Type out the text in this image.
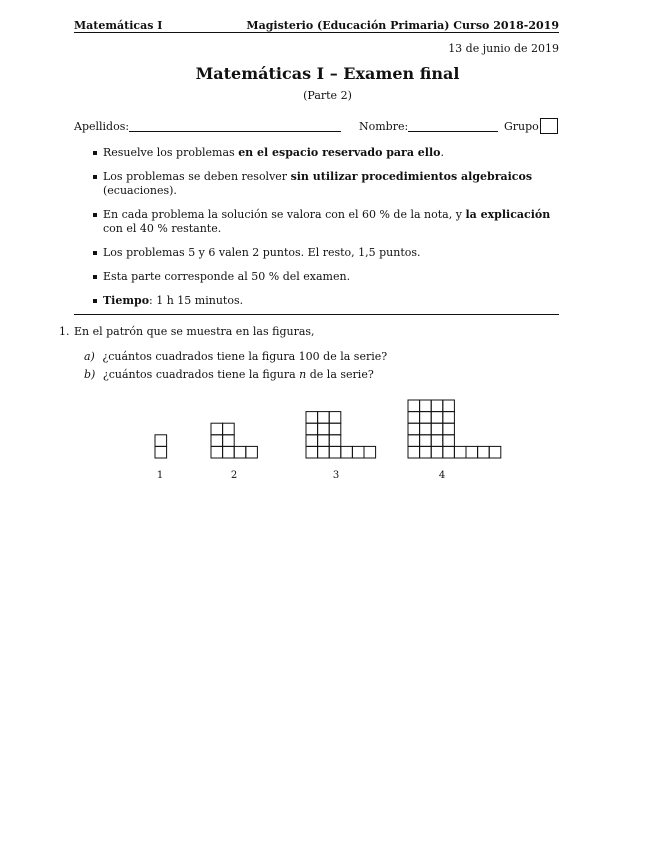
Matemáticas I	Magisterio (Educación Primaria) Curso 2018-2019
13 de junio de 2019
Matemáticas I – Examen final
(Parte 2)
Apellidos:	Nombre:	Grupo
Resuelve los problemas en el espacio reservado para ello.
Los problemas se deben resolver sin utilizar procedimientos algebraicos (ecuaciones).
En cada problema la solución se valora con el 60 % de la nota, y la explicación con el 40 % restante.
Los problemas 5 y 6 valen 2 puntos. El resto, 1,5 puntos.
Esta parte corresponde al 50 % del examen.
Tiempo: 1 h 15 minutos.
1. En el patrón que se muestra en las figuras,
a) ¿cuántos cuadrados tiene la figura 100 de la serie?
b) ¿cuántos cuadrados tiene la figura n de la serie?
1	2	3	4
